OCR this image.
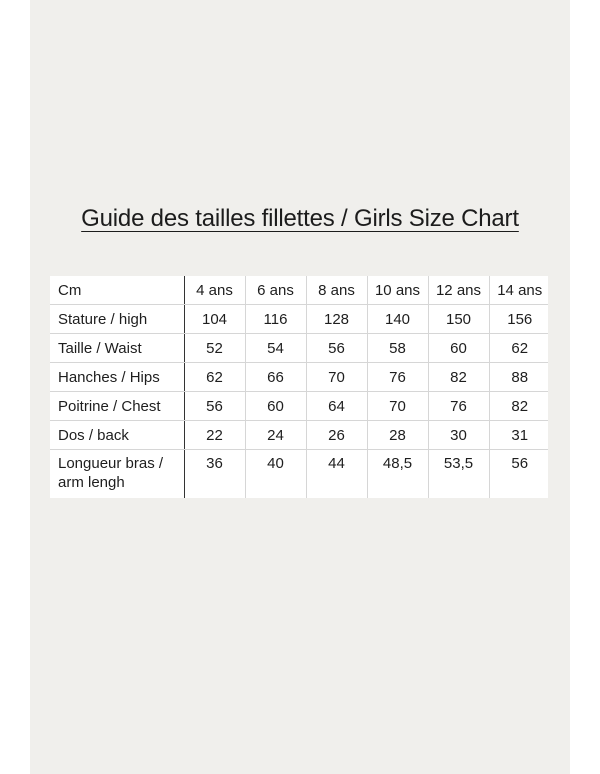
Guide des tailles fillettes / Girls Size Chart
Cm	4 ans	6 ans	8 ans	10 ans	12 ans	14 ans
Stature / high	104	116	128	140	150	156
Taille / Waist	52	54	56	58	60	62
Hanches / Hips	62	66	70	76	82	88
Poitrine / Chest	56	60	64	70	76	82
Dos / back	22	24	26	28	30	31
Longueur bras / arm lengh	36	40	44	48,5	53,5	56
